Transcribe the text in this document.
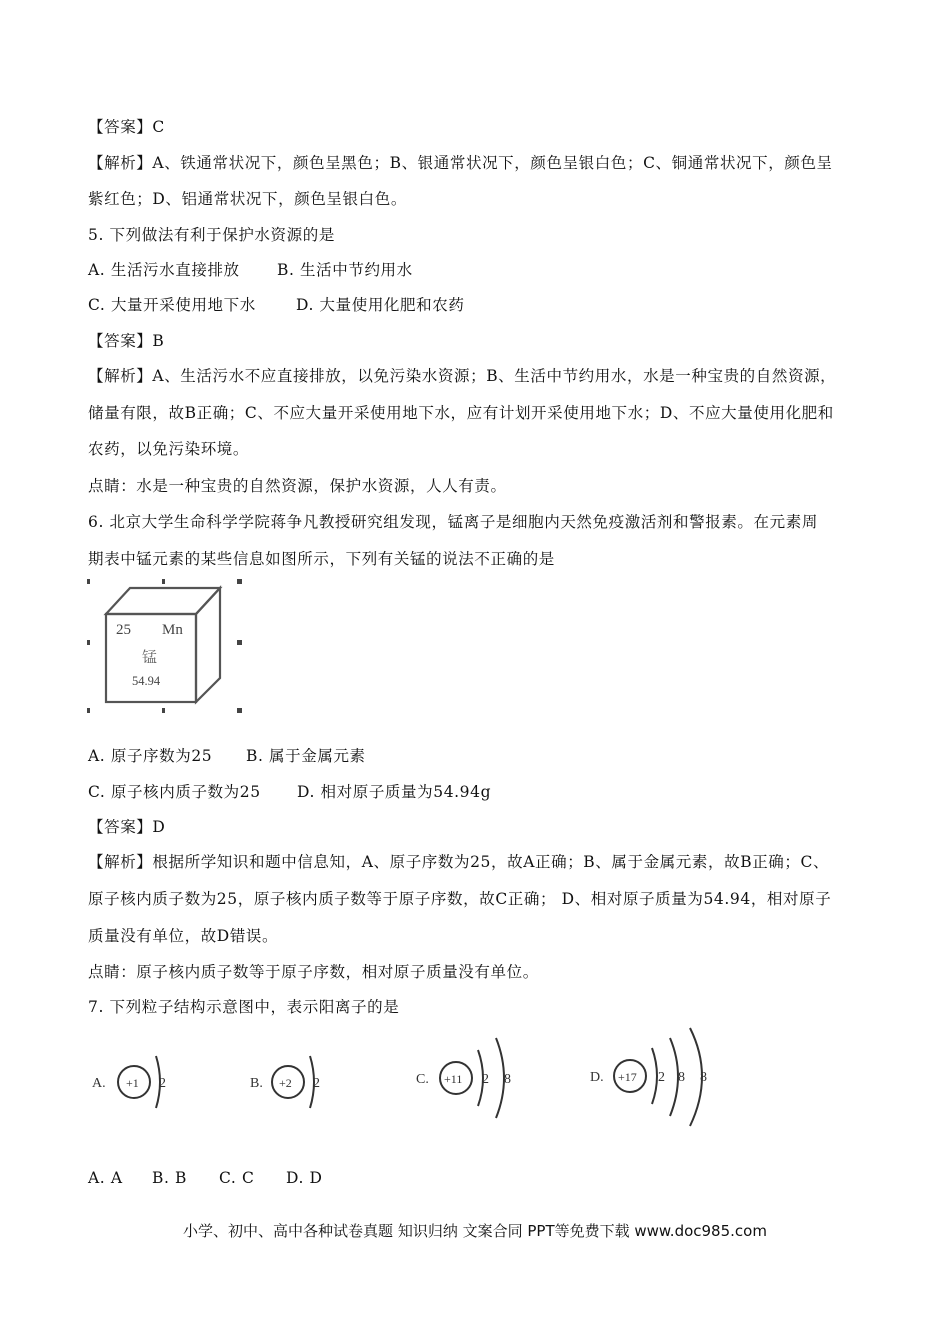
【答案】C
【解析】A、铁通常状况下，颜色呈黑色；B、银通常状况下，颜色呈银白色；C、铜通常状况下，颜色呈
紫红色；D、铝通常状况下，颜色呈银白色。
5. 下列做法有利于保护水资源的是
A. 生活污水直接排放 B. 生活中节约用水
C. 大量开采使用地下水	D. 大量使用化肥和农药
【答案】B
【解析】A、生活污水不应直接排放，以免污染水资源；B、生活中节约用水，水是一种宝贵的自然资源，
储量有限，故B正确；C、不应大量开采使用地下水，应有计划开采使用地下水；D、不应大量使用化肥和
农药，以免污染环境。
点睛：水是一种宝贵的自然资源，保护水资源，人人有责。
6. 北京大学生命科学学院蒋争凡教授研究组发现，锰离子是细胞内天然免疫激活剂和警报素。在元素周
期表中锰元素的某些信息如图所示，下列有关锰的说法不正确的是
25 Mn
锰
54.94
A. 原子序数为25 B. 属于金属元素
C. 原子核内质子数为25 D. 相对原子质量为54.94g
【答案】D
【解析】根据所学知识和题中信息知，A、原子序数为25，故A正确；B、属于金属元素，故B正确；C、
原子核内质子数为25，原子核内质子数等于原子序数，故C正确； D、相对原子质量为54.94，相对原子
质量没有单位，故D错误。
点睛：原子核内质子数等于原子序数，相对原子质量没有单位。
7. 下列粒子结构示意图中，表示阳离子的是
A. +1 2	B. +2 2	C. +11 2 8	D. +17 2 8 8
A. A B. B C. C D. D
小学、初中、高中各种试卷真题 知识归纳 文案合同 PPT等免费下载 www.doc985.com
